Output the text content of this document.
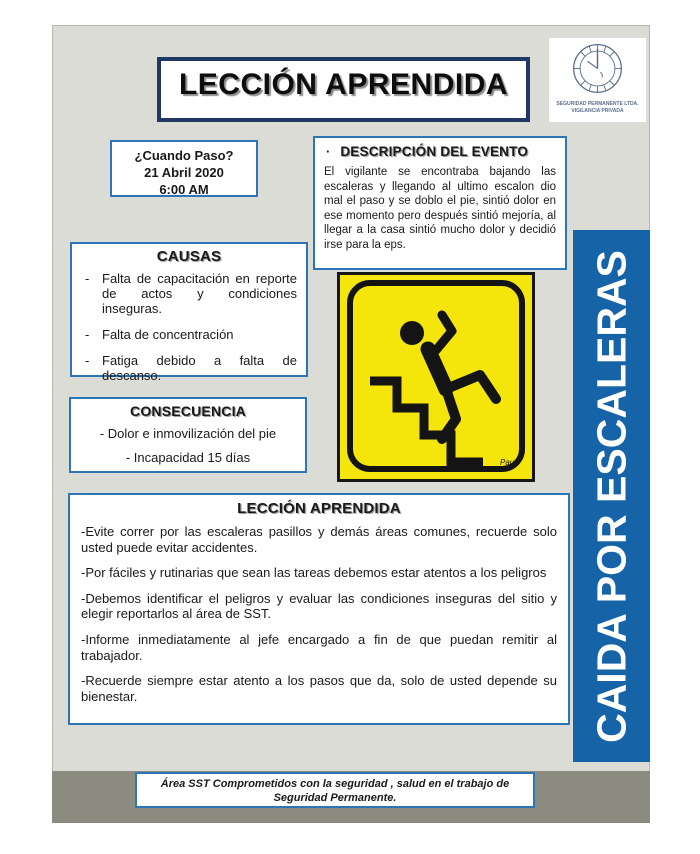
LECCIÓN APRENDIDA
SEGURIDAD PERMANENTE LTDA.
VIGILANCIA PRIVADA
¿Cuando Paso?
21 Abril 2020
6:00 AM
· DESCRIPCIÓN DEL EVENTO
El vigilante se encontraba bajando las escaleras y llegando al ultimo escalon dio mal el paso y se doblo el pie, sintió dolor en ese momento pero después sintió mejoría, al llegar a la casa sintió mucho dolor y decidió irse para la eps.
CAUSAS
- Falta de capacitación en reporte de actos y condiciones inseguras.
- Falta de concentración
- Fatiga debido a falta de descanso.
CONSECUENCIA
- Dolor e inmovilización del pie
- Incapacidad 15 días	Paul
LECCIÓN APRENDIDA
-Evite correr por las escaleras pasillos y demás áreas comunes, recuerde solo usted puede evitar accidentes.
-Por fáciles y rutinarias que sean las tareas debemos estar atentos a los peligros
-Debemos identificar el peligros y evaluar las condiciones inseguras del sitio y elegir reportarlos al área de SST.
-Informe inmediatamente al jefe encargado a fin de que puedan remitir al trabajador.
-Recuerde siempre estar atento a los pasos que da, solo de usted depende su bienestar.	CAIDA POR ESCALERAS
Área SST Comprometidos con la seguridad , salud en el trabajo de
Seguridad Permanente.
